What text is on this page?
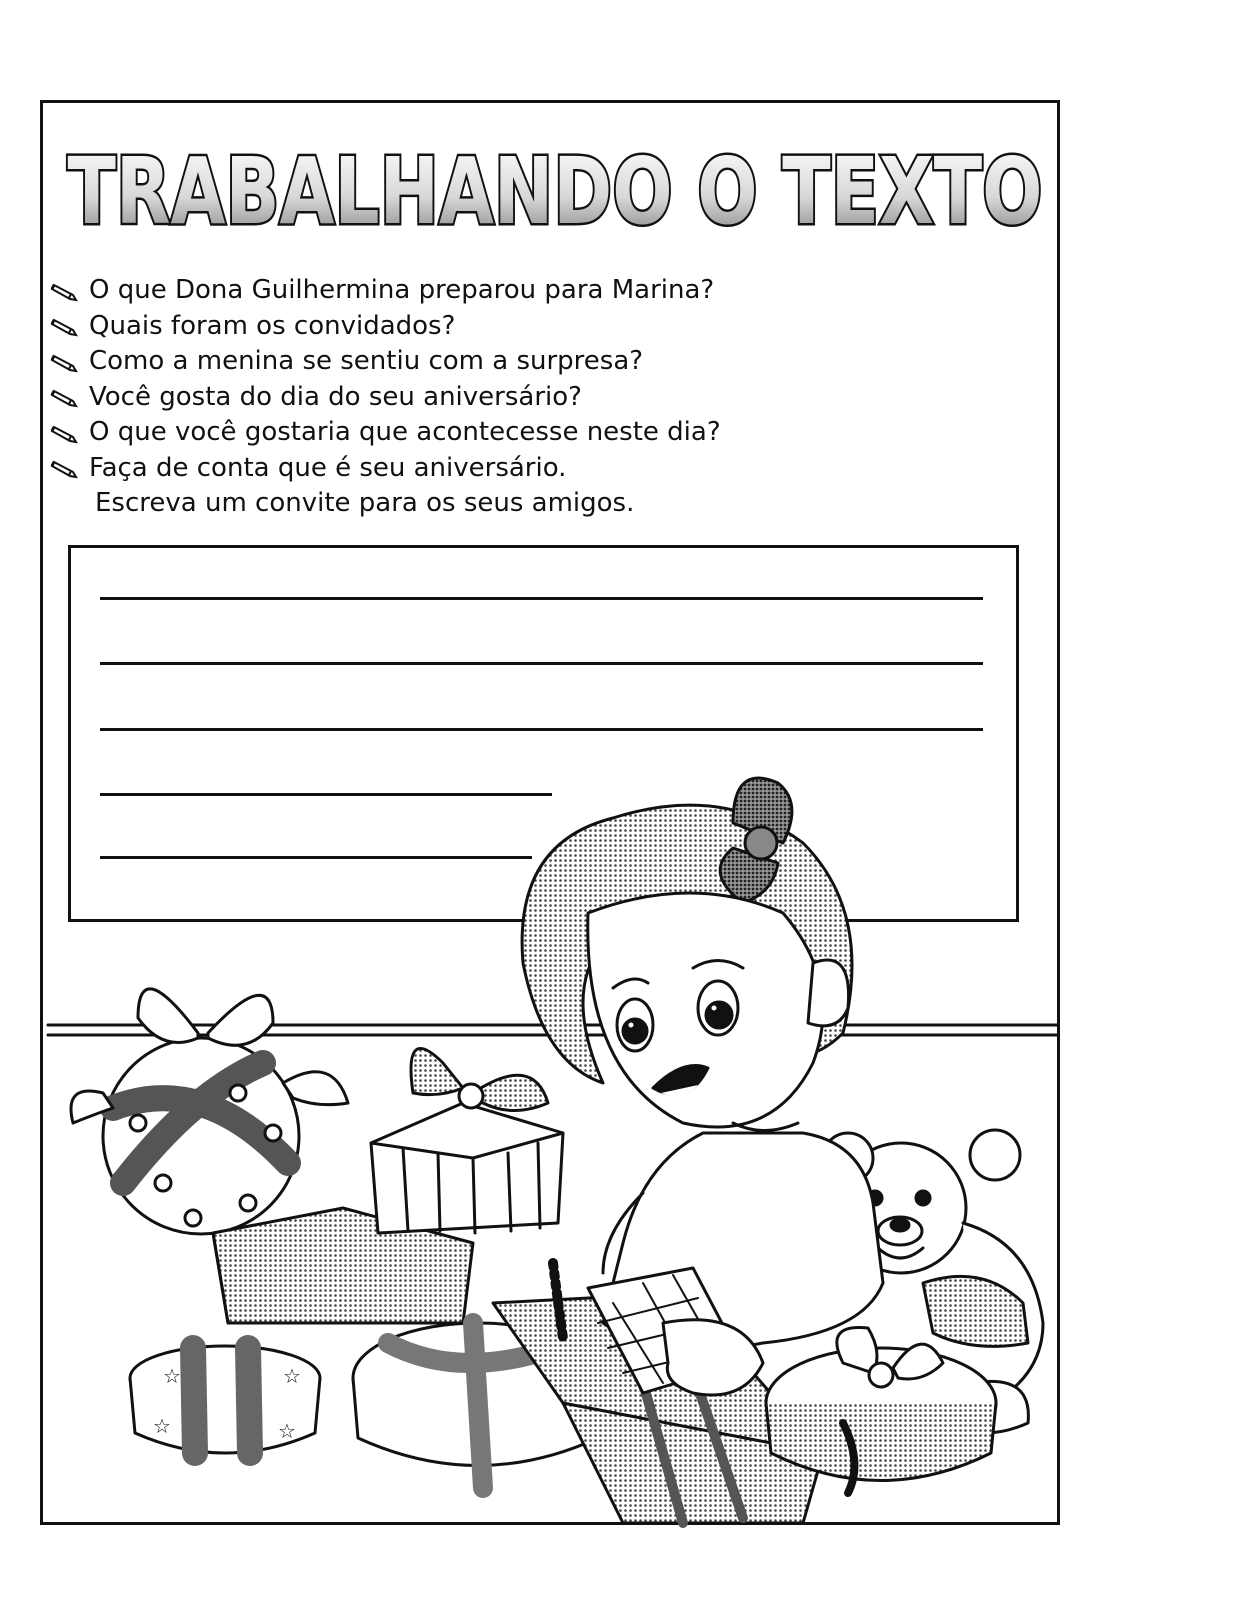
TRABALHANDO O TEXTO
O que Dona Guilhermina preparou para Marina?
Quais foram os convidados?
Como a menina se sentiu com a surpresa?
Você gosta do dia do seu aniversário?
O que você gostaria que acontecesse neste dia?
Faça de conta que é seu aniversário.
Escreva um convite para os seus amigos.
☆	☆
☆	☆
